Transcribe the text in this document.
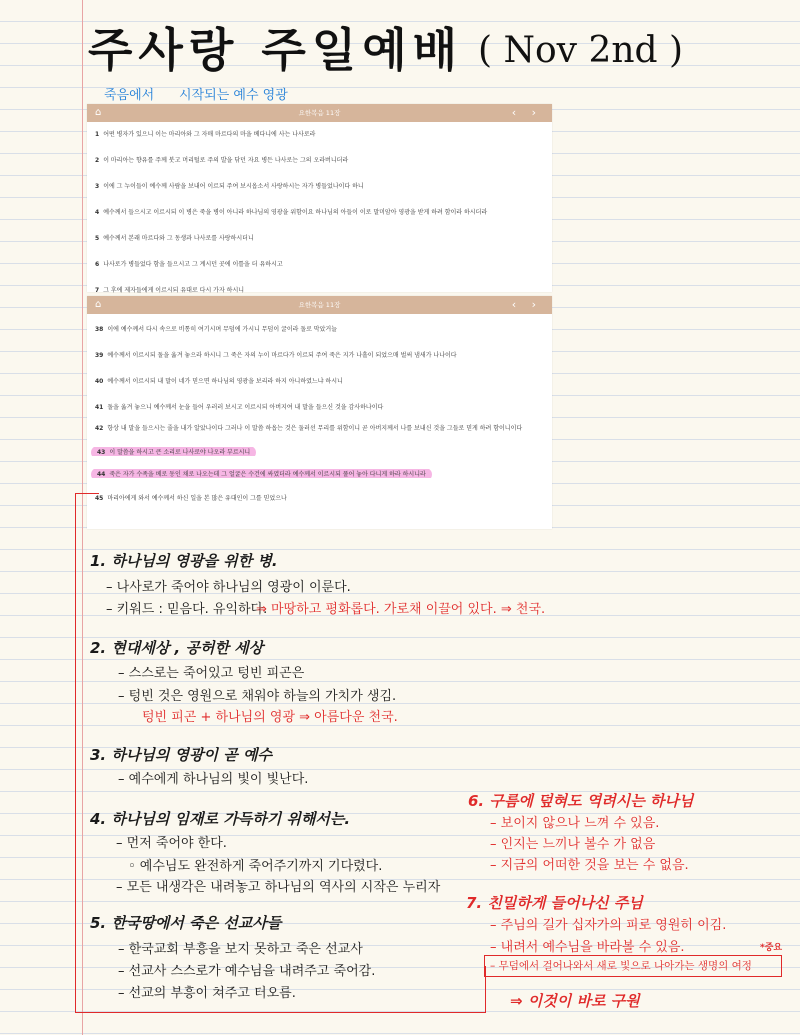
주사랑 주일예배 ( Nov 2nd )
죽음에서 시작되는 예수 영광
⌂	요한복음 11장	‹ ›
1 어떤 병자가 있으니 이는 마리아와 그 자매 마르다의 마을 베다니에 사는 나사로라
2 이 마리아는 향유를 주께 붓고 머리털로 주의 발을 닦던 자요 병든 나사로는 그의 오라버니더라
3 이에 그 누이들이 예수께 사람을 보내어 이르되 주여 보시옵소서 사랑하시는 자가 병들었나이다 하니
4 예수께서 들으시고 이르시되 이 병은 죽을 병이 아니라 하나님의 영광을 위함이요 하나님의 아들이 이로 말미암아 영광을 받게 하려 함이라 하시더라
5 예수께서 본래 마르다와 그 동생과 나사로를 사랑하시더니
6 나사로가 병들었다 함을 들으시고 그 계시던 곳에 이틀을 더 유하시고
7 그 후에 제자들에게 이르시되 유대로 다시 가자 하시니
⌂	요한복음 11장	‹ ›
38 이에 예수께서 다시 속으로 비통히 여기시며 무덤에 가시니 무덤이 굴이라 돌로 막았거늘
39 예수께서 이르시되 돌을 옮겨 놓으라 하시니 그 죽은 자의 누이 마르다가 이르되 주여 죽은 지가 나흘이 되었으매 벌써 냄새가 나나이다
40 예수께서 이르시되 내 말이 네가 믿으면 하나님의 영광을 보리라 하지 아니하였느냐 하시니
41 돌을 옮겨 놓으니 예수께서 눈을 들어 우러러 보시고 이르시되 아버지여 내 말을 들으신 것을 감사하나이다
42 항상 내 말을 들으시는 줄을 내가 알았나이다 그러나 이 말씀 하옵는 것은 둘러선 무리를 위함이니 곧 아버지께서 나를 보내신 것을 그들로 믿게 하려 함이니이다
43 이 말씀을 하시고 큰 소리로 나사로야 나오라 부르시니
44 죽은 자가 수족을 베로 동인 채로 나오는데 그 얼굴은 수건에 싸였더라 예수께서 이르시되 풀어 놓아 다니게 하라 하시니라
45 마리아에게 와서 예수께서 하신 일을 본 많은 유대인이 그를 믿었으나
1. 하나님의 영광을 위한 병.
– 나사로가 죽어야 하나님의 영광이 이룬다.
– 키워드 : 믿음다. 유익하다.
⇒ 마땅하고 평화롭다. 가로채 이끌어 있다. ⇒ 천국.
2. 현대세상 , 공허한 세상
– 스스로는 죽어있고 텅빈 피곤은
– 텅빈 것은 영원으로 채워야 하늘의 가치가 생김.
텅빈 피곤 + 하나님의 영광 ⇒ 아름다운 천국.
3. 하나님의 영광이 곧 예수
– 예수에게 하나님의 빛이 빛난다.
4. 하나님의 임재로 가득하기 위해서는.
– 먼저 죽어야 한다.
◦ 예수님도 완전하게 죽어주기까지 기다렸다.
– 모든 내생각은 내려놓고 하나님의 역사의 시작은 누리자
5. 한국땅에서 죽은 선교사들
– 한국교회 부흥을 보지 못하고 죽은 선교사
– 선교사 스스로가 예수님을 내려주고 죽어감.
– 선교의 부흥이 쳐주고 터오름.
6. 구름에 덮혀도 역려시는 하나님
– 보이지 않으나 느껴 수 있음.
– 인지는 느끼나 볼수 가 없음
– 지금의 어떠한 것을 보는 수 없음.
7. 친밀하게 들어나신 주님
– 주님의 길가 십자가의 피로 영원히 이김.
– 내려서 예수님을 바라볼 수 있음.
– 무덤에서 걸어나와서 새로 빛으로 나아가는 생명의 여정
*중요
⇒ 이것이 바로 구원
